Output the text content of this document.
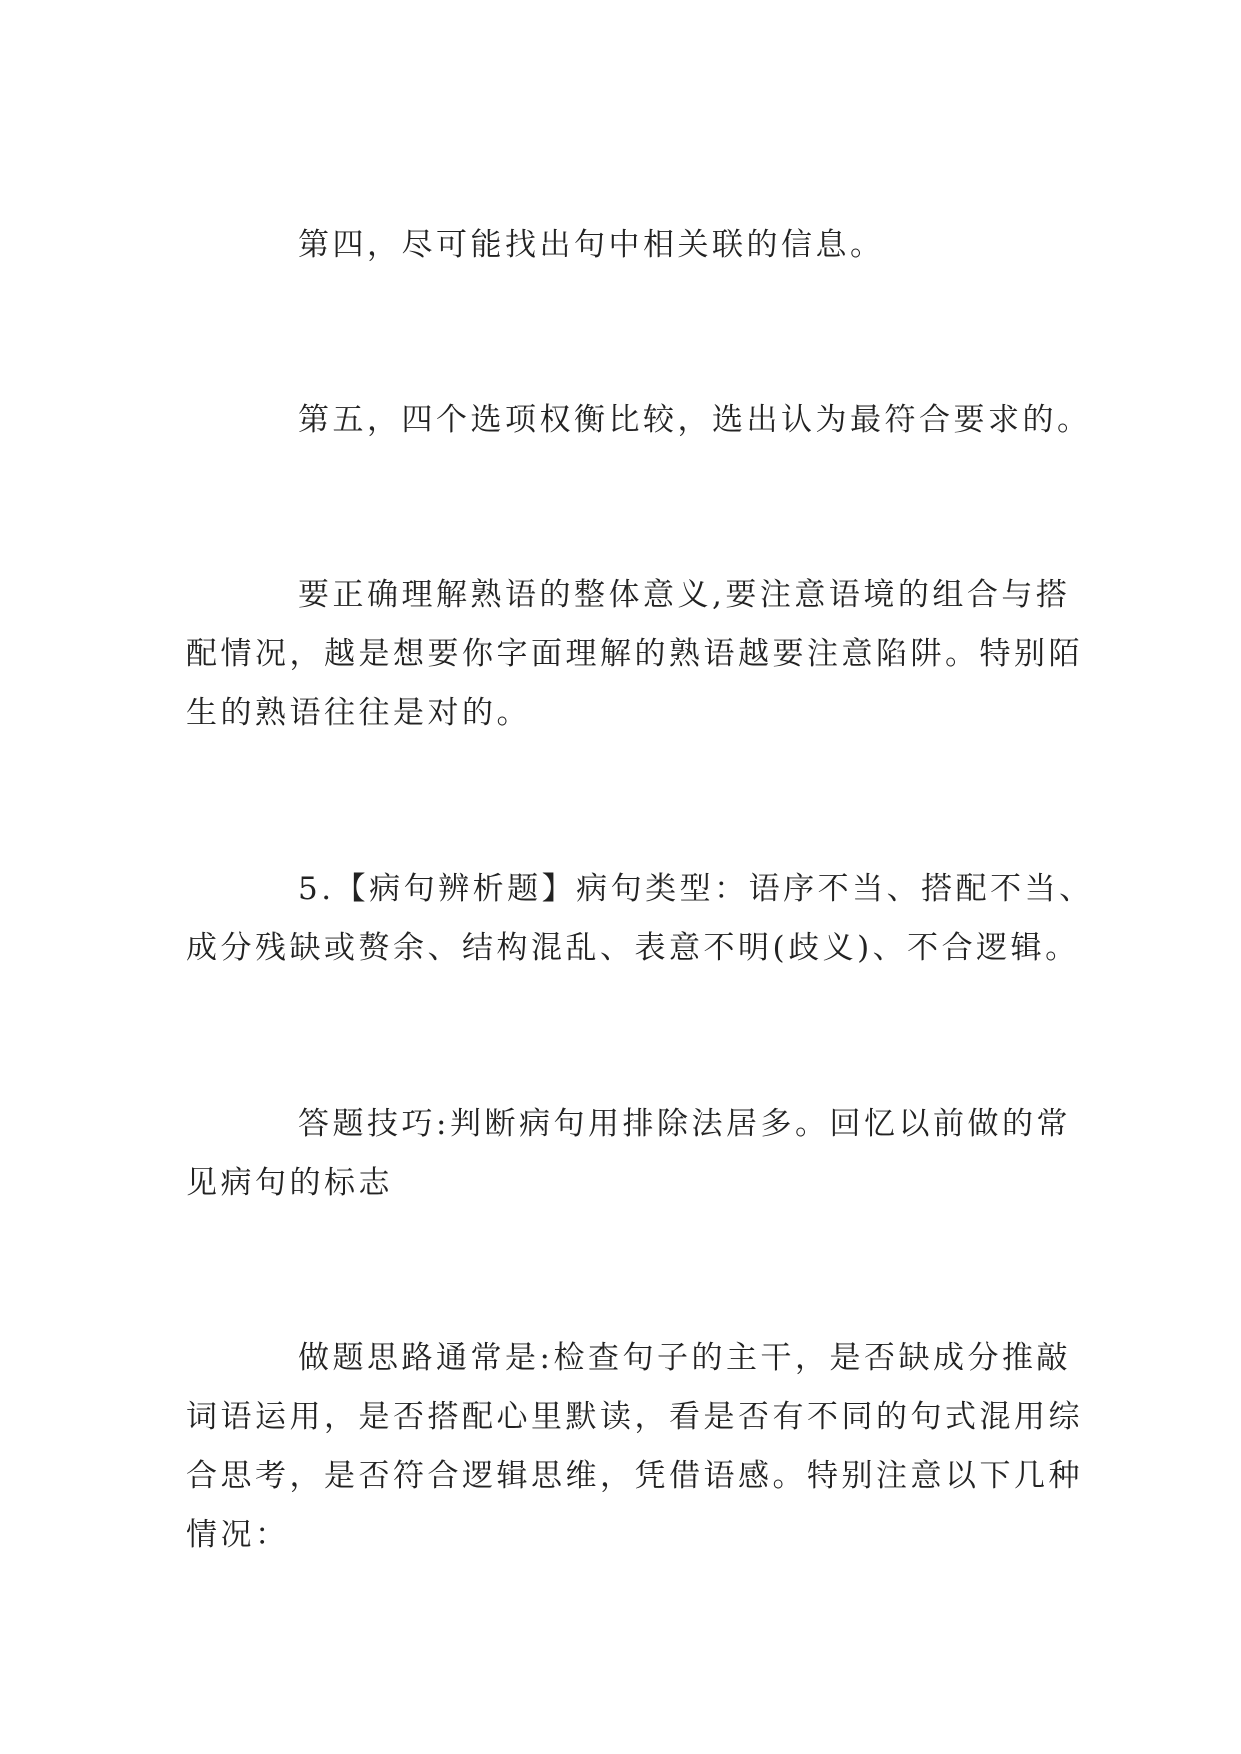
第四，尽可能找出句中相关联的信息。

第五，四个选项权衡比较，选出认为最符合要求的。

要正确理解熟语的整体意义,要注意语境的组合与搭
配情况，越是想要你字面理解的熟语越要注意陷阱。特别陌
生的熟语往往是对的。

5.【病句辨析题】病句类型：语序不当、搭配不当、
成分残缺或赘余、结构混乱、表意不明(歧义)、不合逻辑。

答题技巧:判断病句用排除法居多。回忆以前做的常
见病句的标志

做题思路通常是:检查句子的主干，是否缺成分推敲
词语运用，是否搭配心里默读，看是否有不同的句式混用综
合思考，是否符合逻辑思维，凭借语感。特别注意以下几种
情况：
